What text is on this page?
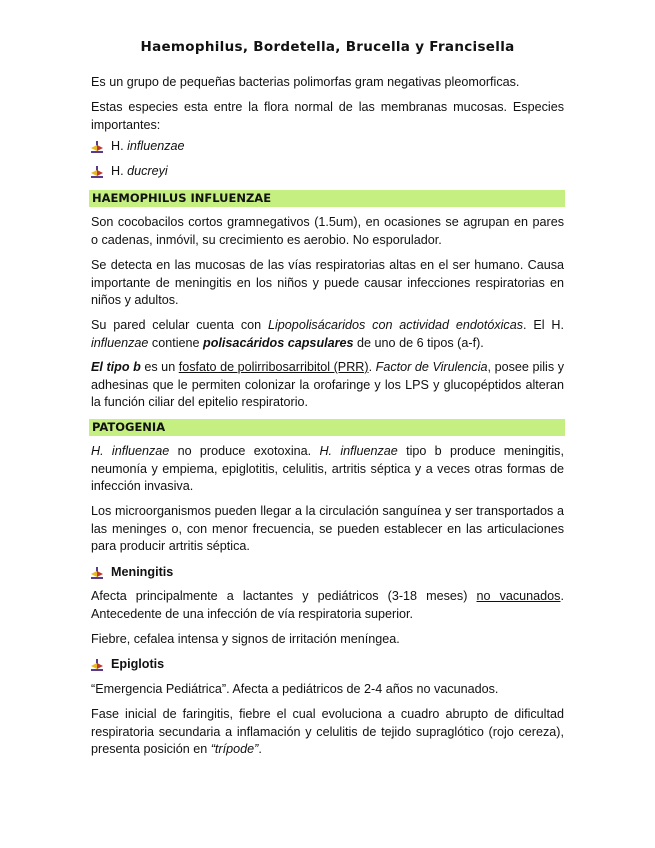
Haemophilus, Bordetella, Brucella y Francisella

Es un grupo de pequeñas bacterias polimorfas gram negativas pleomorficas.

Estas especies esta entre la flora normal de las membranas mucosas. Especies importantes:

H.
influenzae
H.
ducreyi
HAEMOPHILUS INFLUENZAE

Son cocobacilos cortos gramnegativos (1.5um), en ocasiones se agrupan en pares o cadenas, inmóvil, su crecimiento es aerobio. No esporulador.

Se detecta en las mucosas de las vías respiratorias altas en el ser humano. Causa importante de meningitis en los niños y puede causar infecciones respiratorias en niños y adultos.

Su pared celular cuenta con Lipopolisácaridos con actividad endotóxicas. El H. influenzae contiene polisacáridos capsulares de uno de 6 tipos (a-f).

El tipo b es un fosfato de polirribosarribitol (PRR). Factor de Virulencia, posee pilis y adhesinas que le permiten colonizar la orofaringe y los LPS y glucopéptidos alteran la función ciliar del epitelio respiratorio.

PATOGENIA

H. influenzae no produce exotoxina. H. influenzae tipo b produce meningitis, neumonía y empiema, epiglotitis, celulitis, artritis séptica y a veces otras formas de infección invasiva.

Los microorganismos pueden llegar a la circulación sanguínea y ser transportados a las meninges o, con menor frecuencia, se pueden establecer en las articulaciones para producir artritis séptica.

Meningitis

Afecta principalmente a lactantes y pediátricos (3-18 meses) no vacunados. Antecedente de una infección de vía respiratoria superior.

Fiebre, cefalea intensa y signos de irritación meníngea.

Epiglotis

“Emergencia Pediátrica”. Afecta a pediátricos de 2-4 años no vacunados.

Fase inicial de faringitis, fiebre el cual evoluciona a cuadro abrupto de dificultad respiratoria secundaria a inflamación y celulitis de tejido supraglótico (rojo cereza), presenta posición en “trípode”.
